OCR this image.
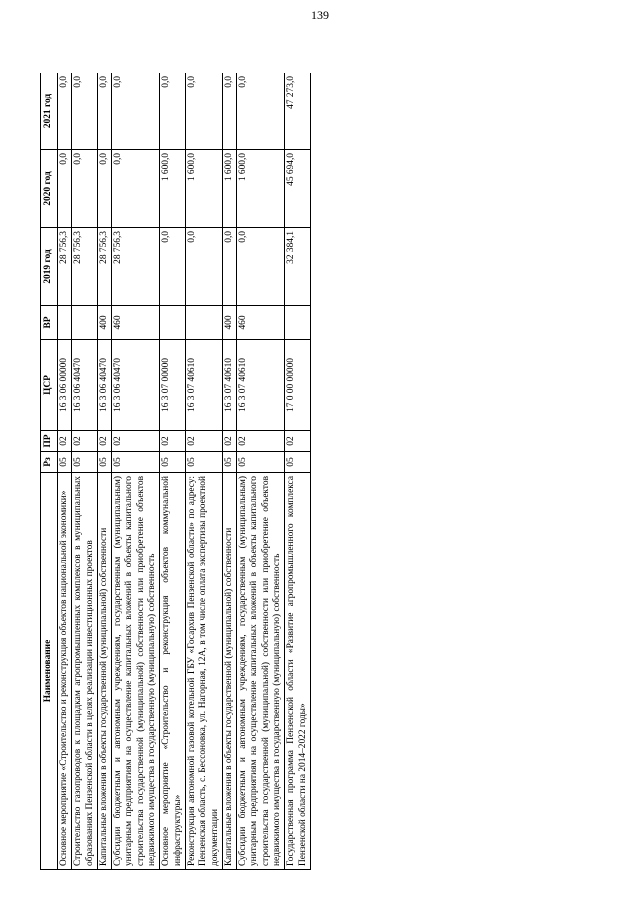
139
Наименование	Рз	ПР	ЦСР	ВР	2019 год	2020 год	2021 год
Основное мероприятие «Строительство и реконструкция объектов национальной экономики»	05	02	16 3 06 00000		28 756,3	0,0	0,0
Строительство газопроводов к площадкам агропромышленных комплексов в муниципальных образованиях Пензенской области в целях реализации инвестиционных проектов	05	02	16 3 06 40470		28 756,3	0,0	0,0
Капитальные вложения в объекты государственной (муниципальной) собственности	05	02	16 3 06 40470	400	28 756,3	0,0	0,0
Субсидии бюджетным и автономным учреждениям, государственным (муниципальным) унитарным предприятиям на осуществление капитальных вложений в объекты капитального строительства государственной (муниципальной) собственности или приобретение объектов недвижимого имущества в государственную (муниципальную) собственность	05	02	16 3 06 40470	460	28 756,3	0,0	0,0
Основное мероприятие «Строительство и реконструкция объектов коммунальной инфраструктуры»	05	02	16 3 07 00000		0,0	1 600,0	0,0
Реконструкция автономной газовой котельной ГБУ «Госархив Пензенской области» по адресу: Пензенская область, с. Бессоновка, ул. Нагорная, 12А, в том числе оплата экспертизы проектной документации	05	02	16 3 07 40610		0,0	1 600,0	0,0
Капитальные вложения в объекты государственной (муниципальной) собственности	05	02	16 3 07 40610	400	0,0	1 600,0	0,0
Субсидии бюджетным и автономным учреждениям, государственным (муниципальным) унитарным предприятиям на осуществление капитальных вложений в объекты капитального строительства государственной (муниципальной) собственности или приобретение объектов недвижимого имущества в государственную (муниципальную) собственность	05	02	16 3 07 40610	460	0,0	1 600,0	0,0
Государственная программа Пензенской области «Развитие агропромышленного комплекса Пензенской области на 2014–2022 годы»	05	02	17 0 00 00000		32 384,1	45 694,0	47 273,0
